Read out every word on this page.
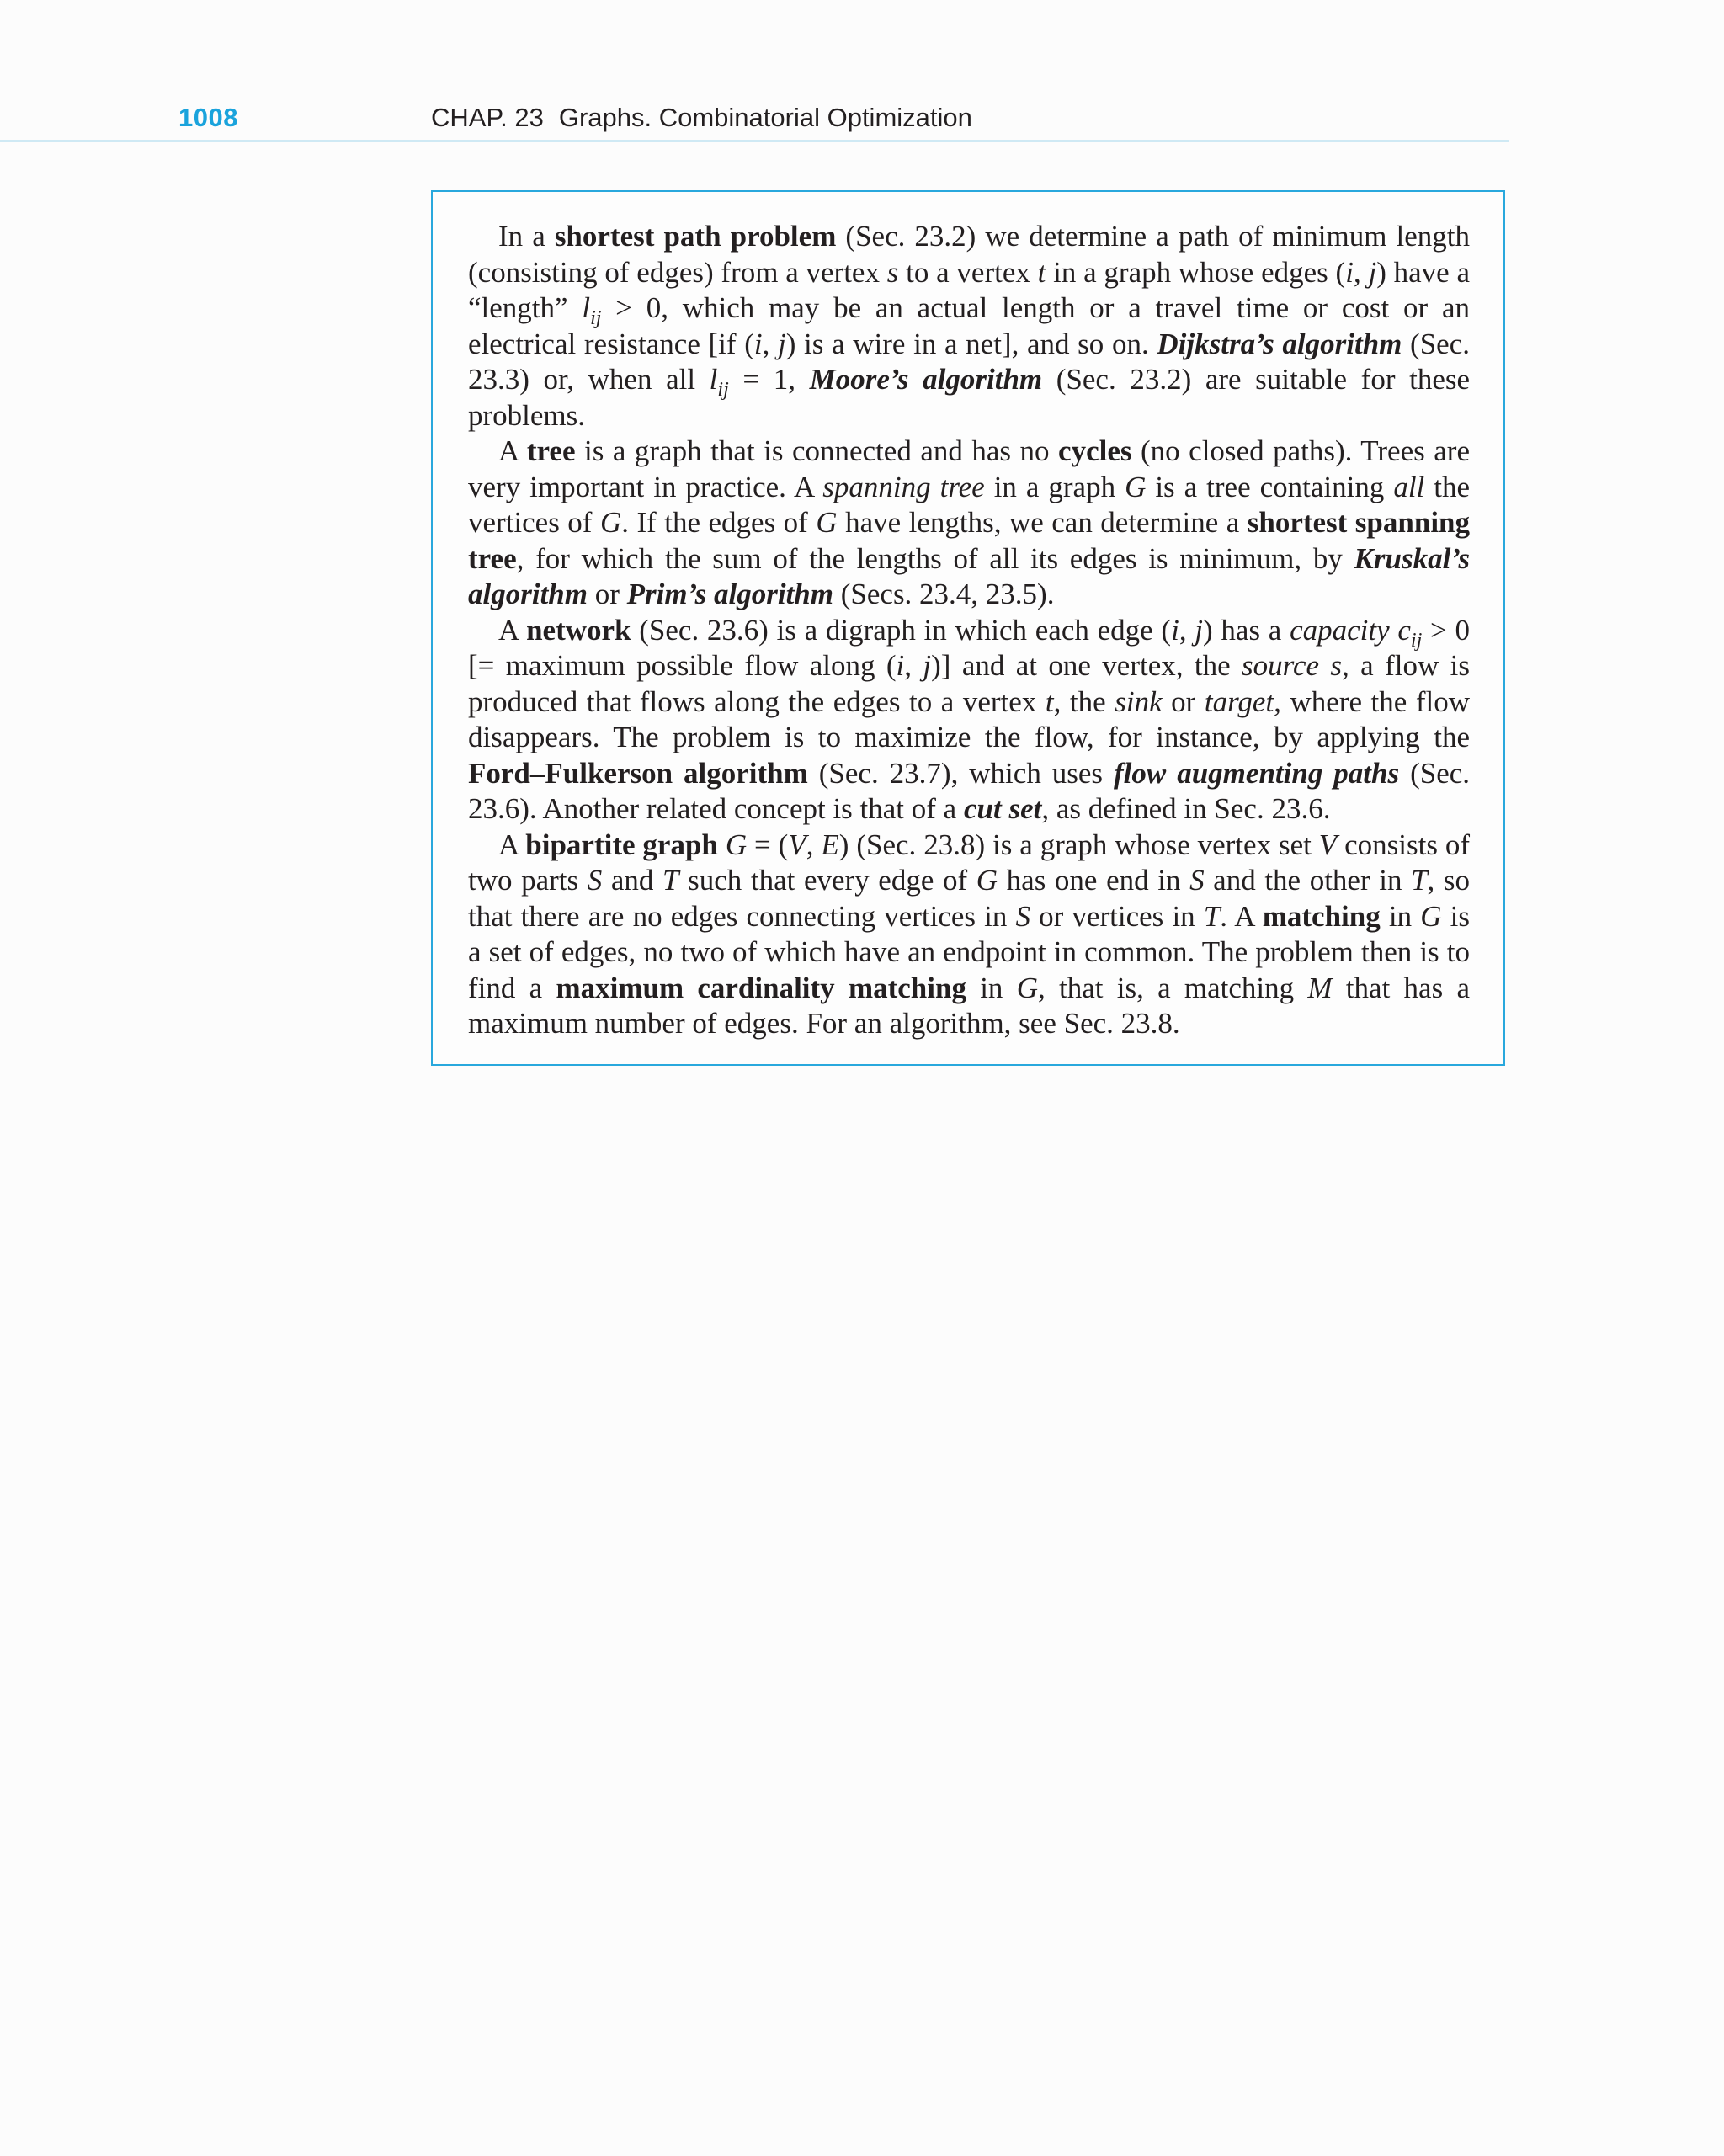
1008	CHAP. 23 Graphs. Combinatorial Optimization

In a shortest path problem (Sec. 23.2) we determine a path of minimum length (consisting of edges) from a vertex s to a vertex t in a graph whose edges (i, j) have a “length” $l_{ij} > 0$, which may be an actual length or a travel time or cost or an electrical resistance [if (i, j) is a wire in a net], and so on. Dijkstra’s algorithm (Sec. 23.3) or, when all $l_{ij} = 1$, Moore’s algorithm (Sec. 23.2) are suitable for these problems.

A tree is a graph that is connected and has no cycles (no closed paths). Trees are very important in practice. A spanning tree in a graph G is a tree containing all the vertices of G. If the edges of G have lengths, we can determine a shortest spanning tree, for which the sum of the lengths of all its edges is minimum, by Kruskal’s algorithm or Prim’s algorithm (Secs. 23.4, 23.5).

A network (Sec. 23.6) is a digraph in which each edge (i, j) has a capacity $c_{ij} > 0$ [= maximum possible flow along (i, j)] and at one vertex, the source s, a flow is produced that flows along the edges to a vertex t, the sink or target, where the flow disappears. The problem is to maximize the flow, for instance, by applying the Ford–Fulkerson algorithm (Sec. 23.7), which uses flow augmenting paths (Sec. 23.6). Another related concept is that of a cut set, as defined in Sec. 23.6.

A bipartite graph G = (V, E) (Sec. 23.8) is a graph whose vertex set V consists of two parts S and T such that every edge of G has one end in S and the other in T, so that there are no edges connecting vertices in S or vertices in T. A matching in G is a set of edges, no two of which have an endpoint in common. The problem then is to find a maximum cardinality matching in G, that is, a matching M that has a maximum number of edges. For an algorithm, see Sec. 23.8.
